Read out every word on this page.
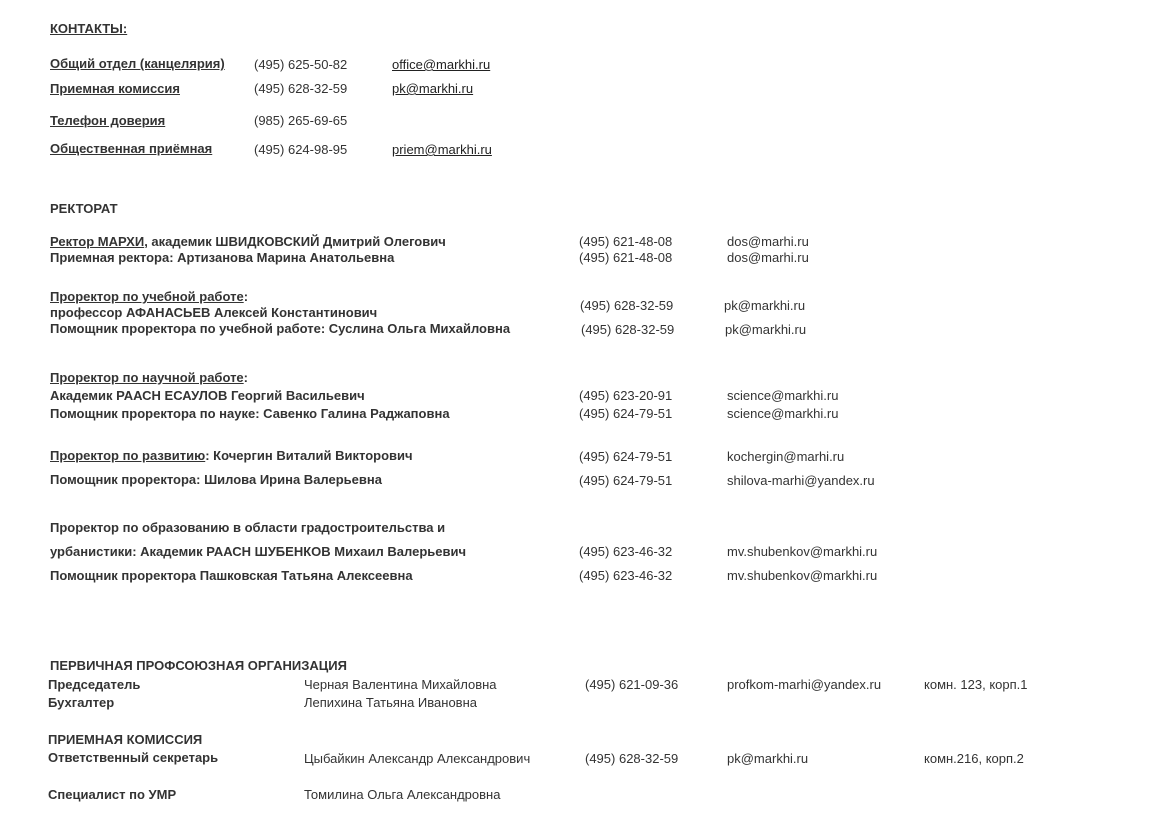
КОНТАКТЫ:
Общий отдел (канцелярия) (495) 625-50-82	office@markhi.ru
Приемная комиссия	(495) 628-32-59	pk@markhi.ru
Телефон доверия	(985) 265-69-65
Общественная приёмная	(495) 624-98-95	priem@markhi.ru
РЕКТОРАТ
Ректор МАРХИ, академик ШВИДКОВСКИЙ Дмитрий Олегович	(495) 621-48-08	dos@marhi.ru
Приемная ректора: Артизанова Марина Анатольевна	(495) 621-48-08	dos@marhi.ru
Проректор по учебной работе:
профессор АФАНАСЬЕВ Алексей Константинович	(495) 628-32-59	pk@markhi.ru
Помощник проректора по учебной работе: Суслина Ольга Михайловна	(495) 628-32-59	pk@markhi.ru
Проректор по научной работе:
Академик РААСН ЕСАУЛОВ Георгий Васильевич	(495) 623-20-91	science@markhi.ru
Помощник проректора по науке: Савенко Галина Раджаповна	(495) 624-79-51	science@markhi.ru
Проректор по развитию: Кочергин Виталий Викторович	(495) 624-79-51	kochergin@marhi.ru
Помощник проректора: Шилова Ирина Валерьевна	(495) 624-79-51	shilova-marhi@yandex.ru
Проректор по образованию в области градостроительства и
урбанистики: Академик РААСН ШУБЕНКОВ Михаил Валерьевич	(495) 623-46-32	mv.shubenkov@markhi.ru
Помощник проректора Пашковская Татьяна Алексеевна	(495) 623-46-32	mv.shubenkov@markhi.ru
ПЕРВИЧНАЯ ПРОФСОЮЗНАЯ ОРГАНИЗАЦИЯ
Председатель	Черная Валентина Михайловна	(495) 621-09-36	profkom-marhi@yandex.ru	комн. 123, корп.1
Бухгалтер	Лепихина Татьяна Ивановна
ПРИЕМНАЯ КОМИССИЯ
Ответственный секретарь	Цыбайкин Александр Александрович	(495) 628-32-59	pk@markhi.ru	комн.216, корп.2
Специалист по УМР	Томилина Ольга Александровна
